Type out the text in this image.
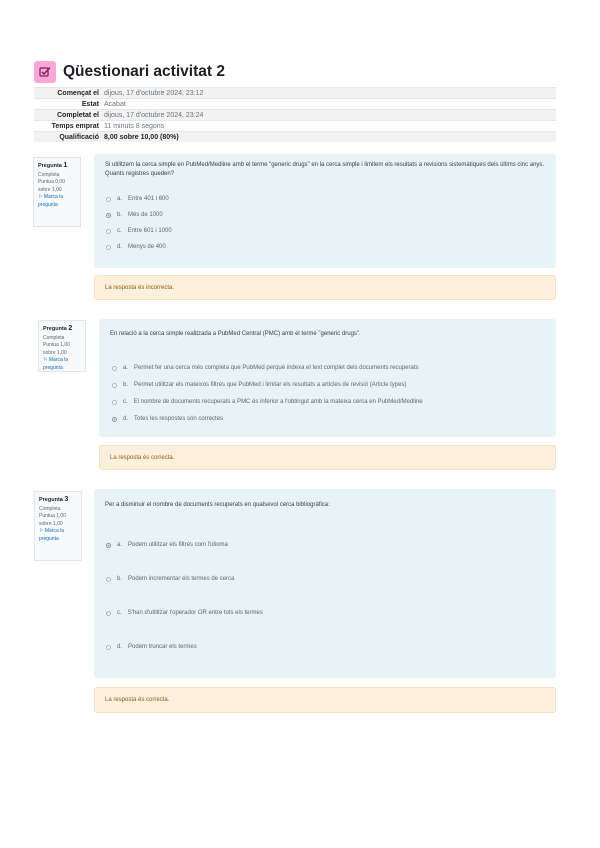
Qüestionari activitat 2
Començat el dijous, 17 d'octubre 2024, 23:12
Estat Acabat
Completat el dijous, 17 d'octubre 2024, 23:24
Temps emprat 11 minuts 8 segons
Qualificació 8,00 sobre 10,00 (80%)
Pregunta 1
Completa
Puntua 0,00 sobre 1,00
⚐ Marca la pregunta
Si utilitzem la cerca simple en PubMed/Medline amb el terme "generic drugs" en la cerca simple i limitem els resultats a revisions sistemàtiques dels últims cinc anys. Quants registres queden?
a. Entre 401 i 600
b. Més de 1000
c. Entre 601 i 1000
d. Menys de 400
La resposta és incorrecta.
Pregunta 2
Completa
Puntua 1,00 sobre 1,00
⚐ Marca la pregunta
En relació a la cerca simple realitzada a PubMed Central (PMC) amb el terme "generic drugs".
a. Permet fer una cerca més completa que PubMed perquè indexa el text complet dels documents recuperats
b. Permet utilitzar els mateixos filtres que PubMed i limitar els resultats a articles de revisió (Article types)
c. El nombre de documents recuperats a PMC és inferior a l'obtingut amb la mateixa cerca en PubMed/Medline
d. Totes les respostes són correctes
La resposta és correcta.
Pregunta 3
Completa
Puntua 1,00 sobre 1,00
⚐ Marca la pregunta
Per a disminuir el nombre de documents recuperats en qualsevol cerca bibliogràfica:
a. Podem utilitzar els filtres com l'idioma
b. Podem incrementar els termes de cerca
c. S'han d'utilitzar l'operador OR entre tots els termes
d. Podem truncar els termes
La resposta és correcta.
